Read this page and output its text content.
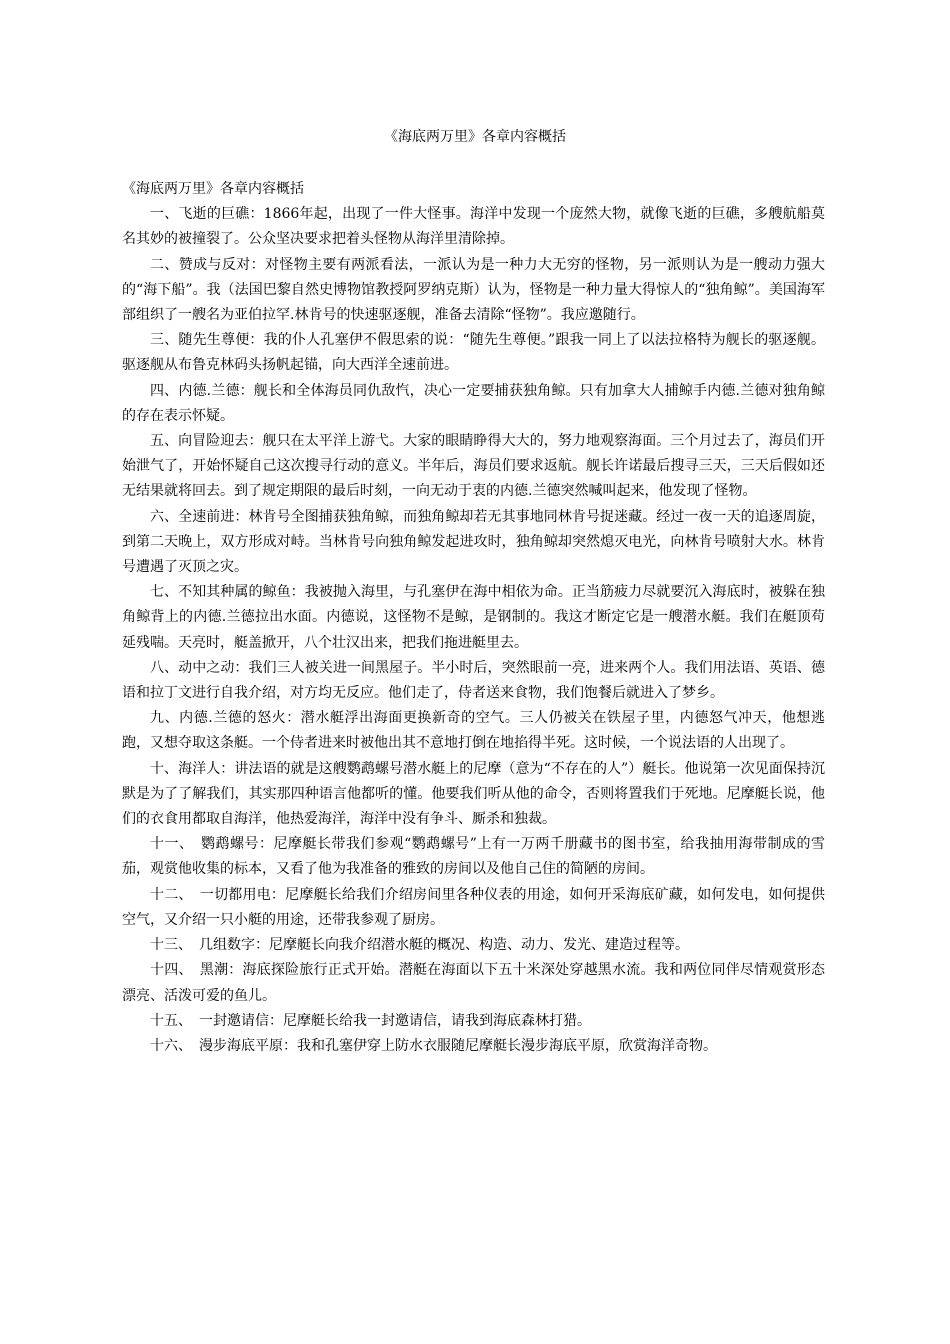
《海底两万里》各章内容概括

《海底两万里》各章内容概括

一、飞逝的巨礁：1866年起，出现了一件大怪事。海洋中发现一个庞然大物，就像飞逝的巨礁，多艘航船莫名其妙的被撞裂了。公众坚决要求把着头怪物从海洋里清除掉。

二、赞成与反对：对怪物主要有两派看法，一派认为是一种力大无穷的怪物，另一派则认为是一艘动力强大的“海下船”。我（法国巴黎自然史博物馆教授阿罗纳克斯）认为，怪物是一种力量大得惊人的“独角鲸”。美国海军部组织了一艘名为亚伯拉罕.林肯号的快速驱逐舰，准备去清除“怪物”。我应邀随行。

三、随先生尊便：我的仆人孔塞伊不假思索的说：“随先生尊便。”跟我一同上了以法拉格特为舰长的驱逐舰。驱逐舰从布鲁克林码头扬帆起锚，向大西洋全速前进。

四、内德.兰德：舰长和全体海员同仇敌忾，决心一定要捕获独角鲸。只有加拿大人捕鲸手内德.兰德对独角鲸的存在表示怀疑。

五、向冒险迎去：舰只在太平洋上游弋。大家的眼睛睁得大大的，努力地观察海面。三个月过去了，海员们开始泄气了，开始怀疑自己这次搜寻行动的意义。半年后，海员们要求返航。舰长许诺最后搜寻三天，三天后假如还无结果就将回去。到了规定期限的最后时刻，一向无动于衷的内德.兰德突然喊叫起来，他发现了怪物。

六、全速前进：林肯号全图捕获独角鲸，而独角鲸却若无其事地同林肯号捉迷藏。经过一夜一天的追逐周旋，到第二天晚上，双方形成对峙。当林肯号向独角鲸发起进攻时，独角鲸却突然熄灭电光，向林肯号喷射大水。林肯号遭遇了灭顶之灾。

七、不知其种属的鲸鱼：我被抛入海里，与孔塞伊在海中相依为命。正当筋疲力尽就要沉入海底时，被躲在独角鲸背上的内德.兰德拉出水面。内德说，这怪物不是鲸，是钢制的。我这才断定它是一艘潜水艇。我们在艇顶苟延残喘。天亮时，艇盖掀开，八个壮汉出来，把我们拖进艇里去。

八、动中之动：我们三人被关进一间黑屋子。半小时后，突然眼前一亮，进来两个人。我们用法语、英语、德语和拉丁文进行自我介绍，对方均无反应。他们走了，侍者送来食物，我们饱餐后就进入了梦乡。

九、内德.兰德的怒火：潜水艇浮出海面更换新奇的空气。三人仍被关在铁屋子里，内德怒气冲天，他想逃跑，又想夺取这条艇。一个侍者进来时被他出其不意地打倒在地掐得半死。这时候，一个说法语的人出现了。

十、海洋人：讲法语的就是这艘鹦鹉螺号潜水艇上的尼摩（意为“不存在的人”）艇长。他说第一次见面保持沉默是为了了解我们，其实那四种语言他都听的懂。他要我们听从他的命令，否则将置我们于死地。尼摩艇长说，他们的衣食用都取自海洋，他热爱海洋，海洋中没有争斗、厮杀和独裁。

十一、　鹦鹉螺号：尼摩艇长带我们参观“鹦鹉螺号”上有一万两千册藏书的图书室，给我抽用海带制成的雪茄，观赏他收集的标本，又看了他为我准备的雅致的房间以及他自己住的简陋的房间。

十二、　一切都用电：尼摩艇长给我们介绍房间里各种仪表的用途，如何开采海底矿藏，如何发电，如何提供空气，又介绍一只小艇的用途，还带我参观了厨房。

十三、　几组数字：尼摩艇长向我介绍潜水艇的概况、构造、动力、发光、建造过程等。

十四、　黑潮：海底探险旅行正式开始。潜艇在海面以下五十米深处穿越黑水流。我和两位同伴尽情观赏形态漂亮、活泼可爱的鱼儿。

十五、　一封邀请信：尼摩艇长给我一封邀请信，请我到海底森林打猎。

十六、　漫步海底平原：我和孔塞伊穿上防水衣服随尼摩艇长漫步海底平原，欣赏海洋奇物。
